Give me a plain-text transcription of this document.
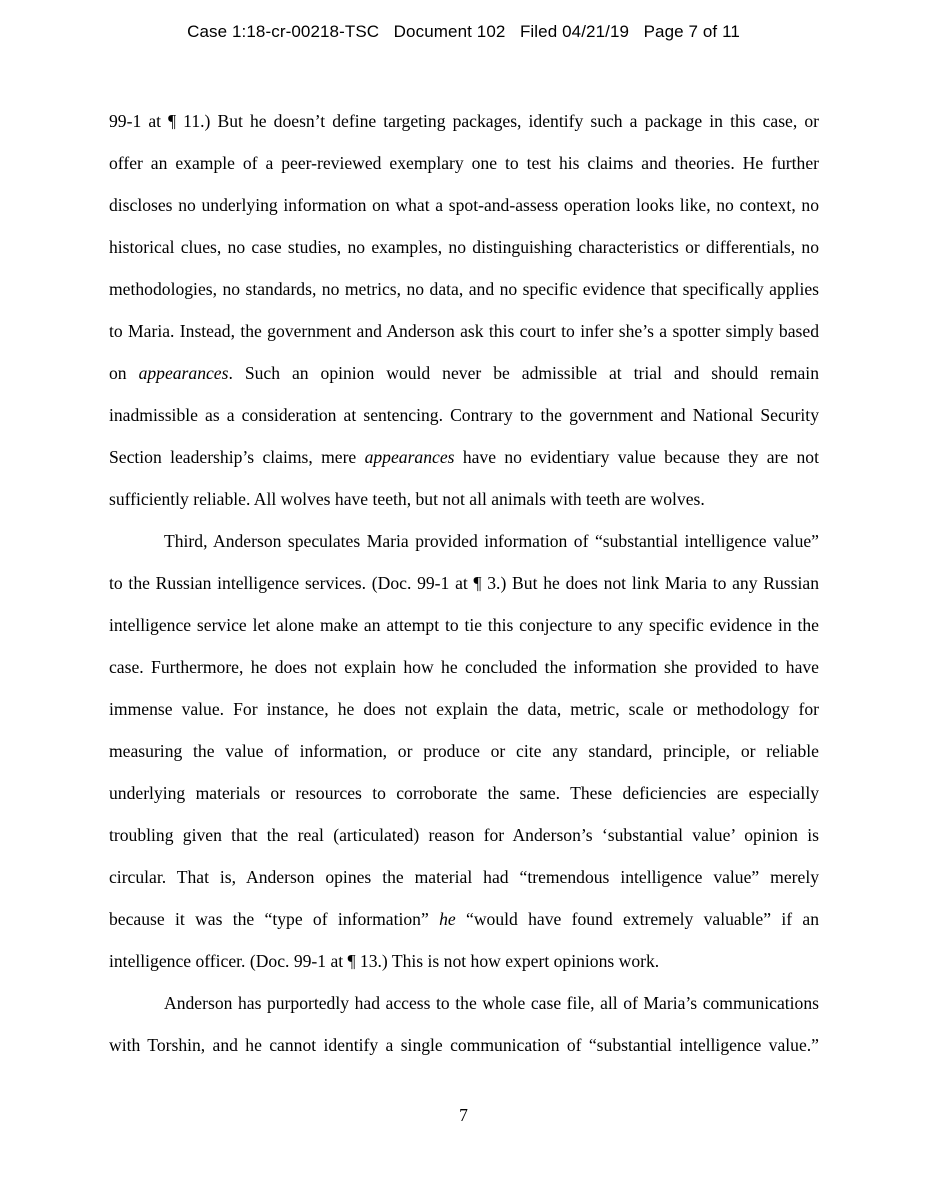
Case 1:18-cr-00218-TSC Document 102 Filed 04/21/19 Page 7 of 11
99-1 at ¶ 11.) But he doesn’t define targeting packages, identify such a package in this case, or
offer an example of a peer-reviewed exemplary one to test his claims and theories. He further
discloses no underlying information on what a spot-and-assess operation looks like, no context, no
historical clues, no case studies, no examples, no distinguishing characteristics or differentials, no
methodologies, no standards, no metrics, no data, and no specific evidence that specifically applies
to Maria. Instead, the government and Anderson ask this court to infer she’s a spotter simply based
on appearances. Such an opinion would never be admissible at trial and should remain
inadmissible as a consideration at sentencing. Contrary to the government and National Security
Section leadership’s claims, mere appearances have no evidentiary value because they are not
sufficiently reliable. All wolves have teeth, but not all animals with teeth are wolves.
Third, Anderson speculates Maria provided information of “substantial intelligence value”
to the Russian intelligence services. (Doc. 99-1 at ¶ 3.) But he does not link Maria to any Russian
intelligence service let alone make an attempt to tie this conjecture to any specific evidence in the
case. Furthermore, he does not explain how he concluded the information she provided to have
immense value. For instance, he does not explain the data, metric, scale or methodology for
measuring the value of information, or produce or cite any standard, principle, or reliable
underlying materials or resources to corroborate the same. These deficiencies are especially
troubling given that the real (articulated) reason for Anderson’s ‘substantial value’ opinion is
circular. That is, Anderson opines the material had “tremendous intelligence value” merely
because it was the “type of information” he “would have found extremely valuable” if an
intelligence officer. (Doc. 99-1 at ¶ 13.) This is not how expert opinions work.
Anderson has purportedly had access to the whole case file, all of Maria’s communications
with Torshin, and he cannot identify a single communication of “substantial intelligence value.”
7
